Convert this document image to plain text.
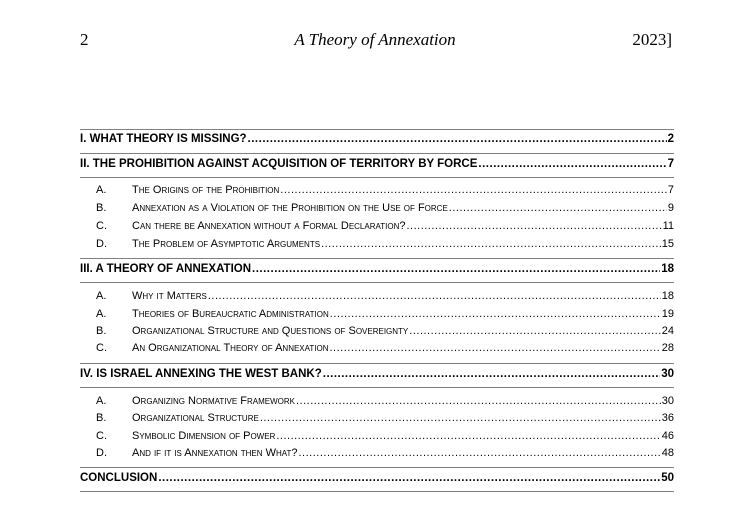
2	A Theory of Annexation	2023]
I. WHAT THEORY IS MISSING? .....	2
II. THE PROHIBITION AGAINST ACQUISITION OF TERRITORY BY FORCE .....	7
A.	The Origins of the Prohibition .....	7
B.	Annexation as a Violation of the Prohibition on the Use of Force .....	9
C.	Can there be Annexation without a Formal Declaration? .....	11
D.	The Problem of Asymptotic Arguments .....	15
III. A THEORY OF ANNEXATION .....	18
A.	Why it Matters .....	18
A.	Theories of Bureaucratic Administration .....	19
B.	Organizational Structure and Questions of Sovereignty .....	24
C.	An Organizational Theory of Annexation .....	28
IV. IS ISRAEL ANNEXING THE WEST BANK? .....	30
A.	Organizing Normative Framework .....	30
B.	Organizational Structure .....	36
C.	Symbolic Dimension of Power .....	46
D.	And if it is Annexation then What? .....	48
CONCLUSION .....	50
